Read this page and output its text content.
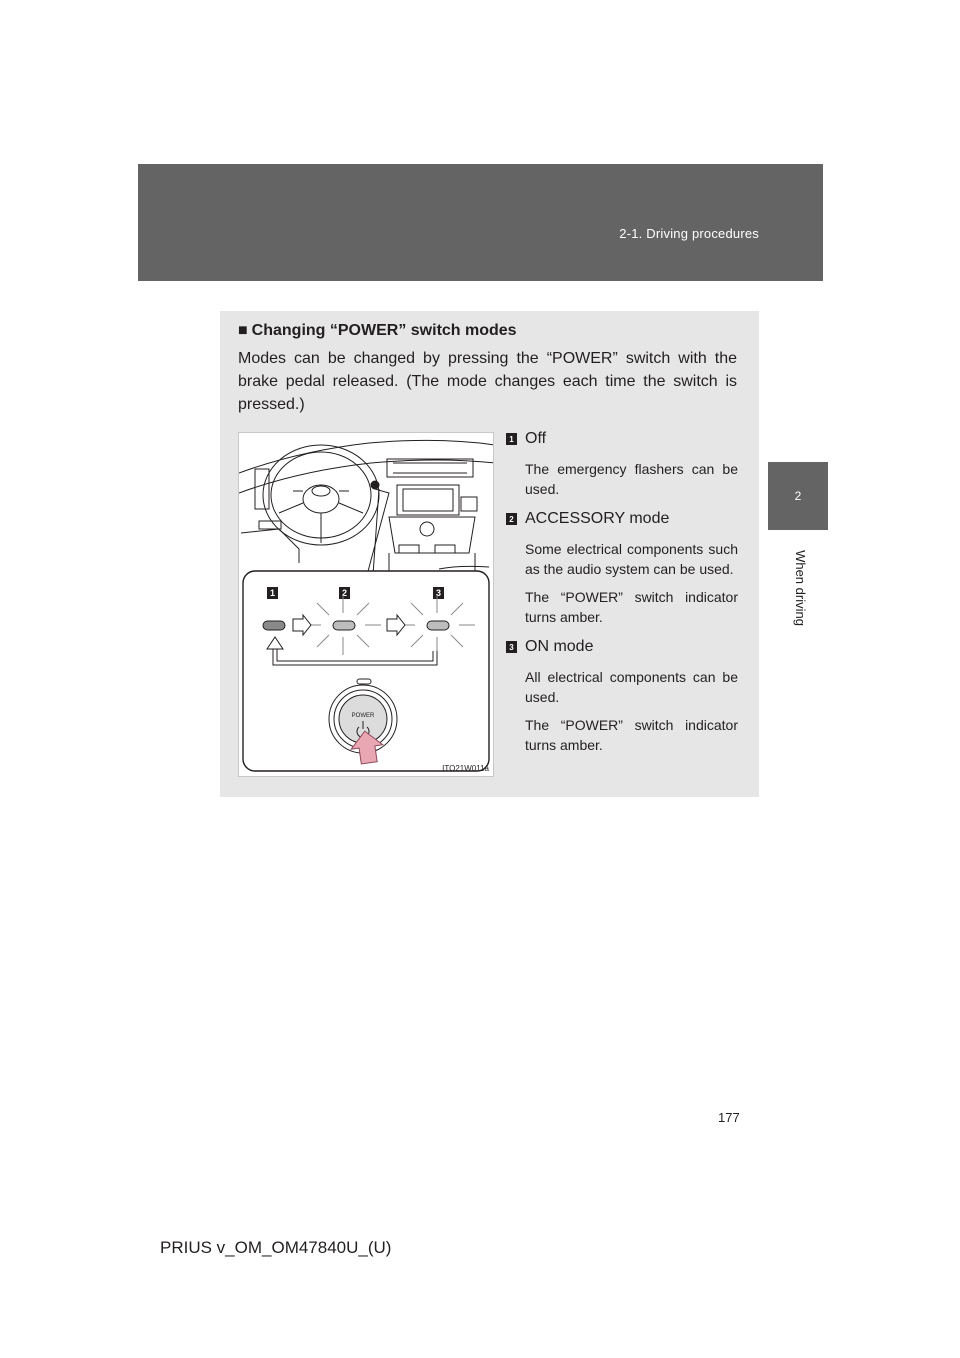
2-1. Driving procedures
2
When driving
■ Changing “POWER” switch modes
Modes can be changed by pressing the “POWER” switch with the brake pedal released. (The mode changes each time the switch is pressed.)
1	2	3
POWER
ITO21W011a
1 Off
The emergency flashers can be used.
2 ACCESSORY mode
Some electrical components such as the audio system can be used.
The “POWER” switch indicator turns amber.
3 ON mode
All electrical components can be used.
The “POWER” switch indicator turns amber.
177
PRIUS v_OM_OM47840U_(U)
